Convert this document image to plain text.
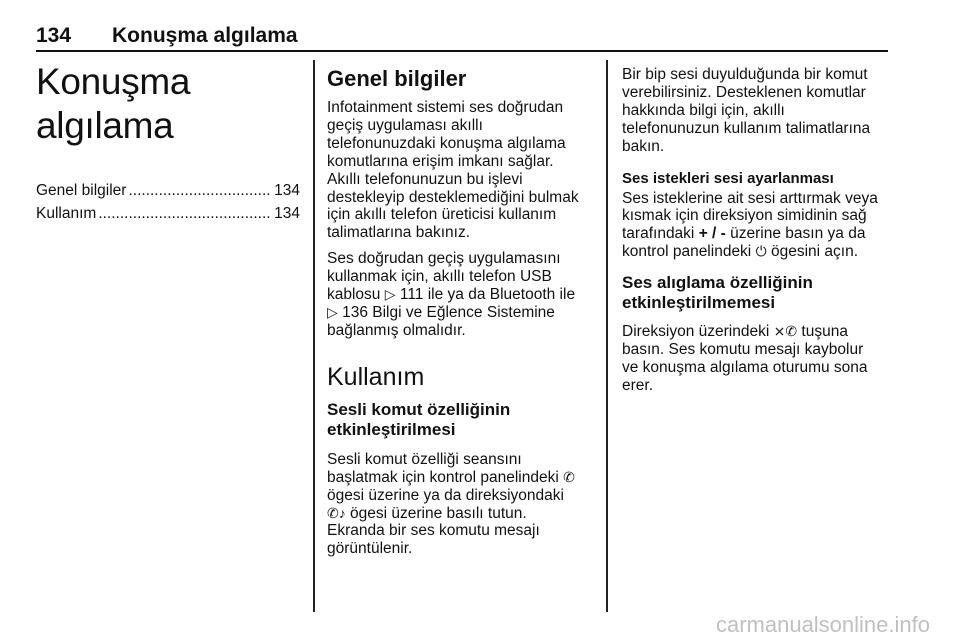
134 Konuşma algılama
Konuşma algılama
Genel bilgiler .....	134
Kullanım .....	134
Genel bilgiler
Infotainment sistemi ses doğrudan
geçiş uygulaması akıllı
telefonunuzdaki konuşma algılama
komutlarına erişim imkanı sağlar.
Akıllı telefonunuzun bu işlevi
destekleyip desteklemediğini bulmak
için akıllı telefon üreticisi kullanım
talimatlarına bakınız.
Ses doğrudan geçiş uygulamasını
kullanmak için, akıllı telefon USB
kablosu ▷ 111 ile ya da Bluetooth ile
▷ 136 Bilgi ve Eğlence Sistemine
bağlanmış olmalıdır.
Kullanım
Sesli komut özelliğinin
etkinleştirilmesi
Sesli komut özelliği seansını
başlatmak için kontrol panelindeki ✆
ögesi üzerine ya da direksiyondaki
✆♪ ögesi üzerine basılı tutun.
Ekranda bir ses komutu mesajı
görüntülenir.
Bir bip sesi duyulduğunda bir komut
verebilirsiniz. Desteklenen komutlar
hakkında bilgi için, akıllı
telefonunuzun kullanım talimatlarına
bakın.
Ses istekleri sesi ayarlanması
Ses isteklerine ait sesi arttırmak veya
kısmak için direksiyon simidinin sağ
tarafındaki + / - üzerine basın ya da
kontrol panelindeki ⏻ ögesini açın.
Ses alıglama özelliğinin
etkinleştirilmemesi
Direksiyon üzerindeki ⨯✆ tuşuna
basın. Ses komutu mesajı kaybolur
ve konuşma algılama oturumu sona
erer.
carmanualsonline.info
